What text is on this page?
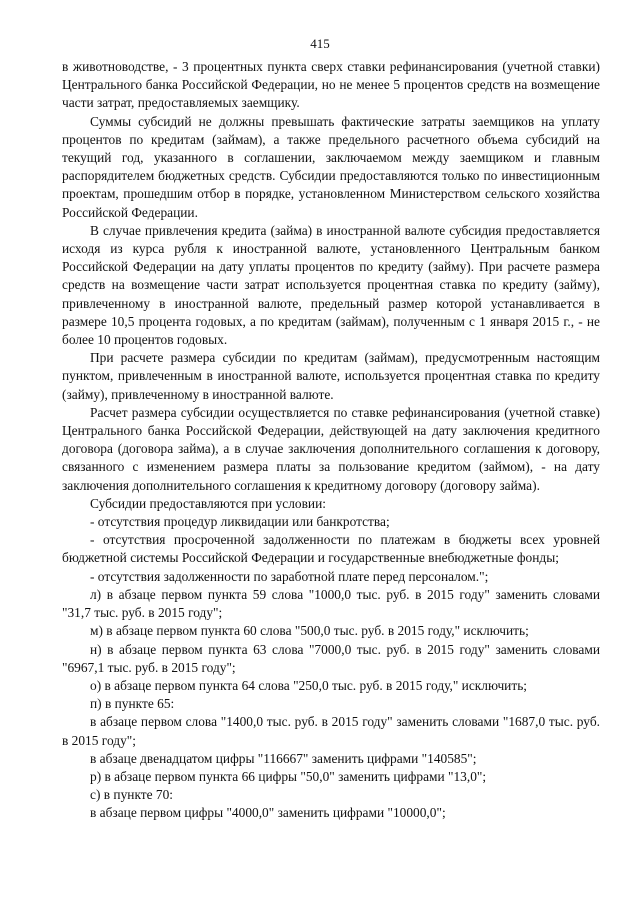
415

в животноводстве, - 3 процентных пункта сверх ставки рефинансирования (учетной ставки) Центрального банка Российской Федерации, но не менее 5 процентов средств на возмещение части затрат, предоставляемых заемщику.

Суммы субсидий не должны превышать фактические затраты заемщиков на уплату процентов по кредитам (займам), а также предельного расчетного объема субсидий на текущий год, указанного в соглашении, заключаемом между заемщиком и главным распорядителем бюджетных средств. Субсидии предоставляются только по инвестиционным проектам, прошедшим отбор в порядке, установленном Министерством сельского хозяйства Российской Федерации.

В случае привлечения кредита (займа) в иностранной валюте субсидия предоставляется исходя из курса рубля к иностранной валюте, установленного Центральным банком Российской Федерации на дату уплаты процентов по кредиту (займу). При расчете размера средств на возмещение части затрат используется процентная ставка по кредиту (займу), привлеченному в иностранной валюте, предельный размер которой устанавливается в размере 10,5 процента годовых, а по кредитам (займам), полученным с 1 января 2015 г., - не более 10 процентов годовых.

При расчете размера субсидии по кредитам (займам), предусмотренным настоящим пунктом, привлеченным в иностранной валюте, используется процентная ставка по кредиту (займу), привлеченному в иностранной валюте.

Расчет размера субсидии осуществляется по ставке рефинансирования (учетной ставке) Центрального банка Российской Федерации, действующей на дату заключения кредитного договора (договора займа), а в случае заключения дополнительного соглашения к договору, связанного с изменением размера платы за пользование кредитом (займом), - на дату заключения дополнительного соглашения к кредитному договору (договору займа).

Субсидии предоставляются при условии:

- отсутствия процедур ликвидации или банкротства;

- отсутствия просроченной задолженности по платежам в бюджеты всех уровней бюджетной системы Российской Федерации и государственные внебюджетные фонды;

- отсутствия задолженности по заработной плате перед персоналом.";

л) в абзаце первом пункта 59 слова "1000,0 тыс. руб. в 2015 году" заменить словами "31,7 тыс. руб. в 2015 году";

м) в абзаце первом пункта 60 слова "500,0 тыс. руб. в 2015 году," исключить;

н) в абзаце первом пункта 63 слова "7000,0 тыс. руб. в 2015 году" заменить словами "6967,1 тыс. руб. в 2015 году";

о) в абзаце первом пункта 64 слова "250,0 тыс. руб. в 2015 году," исключить;

п) в пункте 65:

в абзаце первом слова "1400,0 тыс. руб. в 2015 году" заменить словами "1687,0 тыс. руб. в 2015 году";

в абзаце двенадцатом цифры "116667" заменить цифрами "140585";

р) в абзаце первом пункта 66 цифры "50,0" заменить цифрами "13,0";

с) в пункте 70:

в абзаце первом цифры "4000,0" заменить цифрами "10000,0";
